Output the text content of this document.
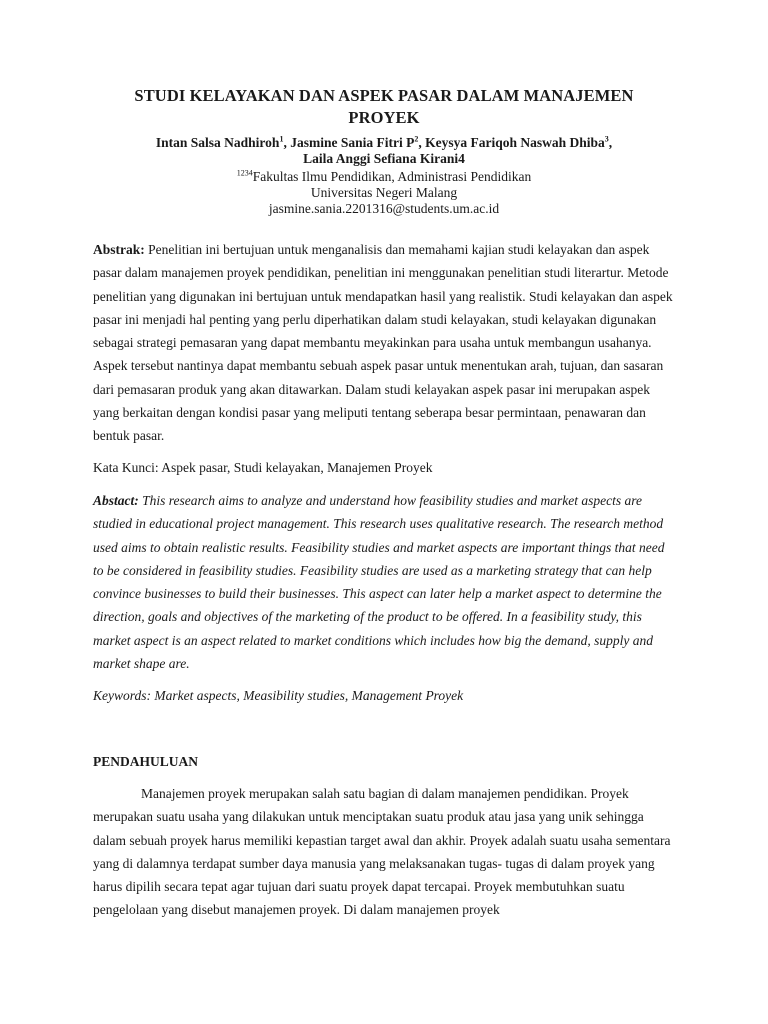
STUDI KELAYAKAN DAN ASPEK PASAR DALAM MANAJEMEN
PROYEK
Intan Salsa Nadhiroh$^1$, Jasmine Sania Fitri $P^2$, Keysya Fariqoh Naswah Dhiba$^3$,
Laila Anggi Sefiana Kirani4
$^{1234}$Fakultas Ilmu Pendidikan, Administrasi Pendidikan
Universitas Negeri Malang
jasmine.sania.2201316@students.um.ac.id

Abstrak: Penelitian ini bertujuan untuk menganalisis dan memahami kajian studi kelayakan dan aspek pasar dalam manajemen proyek pendidikan, penelitian ini menggunakan penelitian studi literartur. Metode penelitian yang digunakan ini bertujuan untuk mendapatkan hasil yang realistik. Studi kelayakan dan aspek pasar ini menjadi hal penting yang perlu diperhatikan dalam studi kelayakan, studi kelayakan digunakan sebagai strategi pemasaran yang dapat membantu meyakinkan para usaha untuk membangun usahanya. Aspek tersebut nantinya dapat membantu sebuah aspek pasar untuk menentukan arah, tujuan, dan sasaran dari pemasaran produk yang akan ditawarkan. Dalam studi kelayakan aspek pasar ini merupakan aspek yang berkaitan dengan kondisi pasar yang meliputi tentang seberapa besar permintaan, penawaran dan bentuk pasar.

Kata Kunci: Aspek pasar, Studi kelayakan, Manajemen Proyek

Abstact: This research aims to analyze and understand how feasibility studies and market aspects are studied in educational project management. This research uses qualitative research. The research method used aims to obtain realistic results. Feasibility studies and market aspects are important things that need to be considered in feasibility studies. Feasibility studies are used as a marketing strategy that can help convince businesses to build their businesses. This aspect can later help a market aspect to determine the direction, goals and objectives of the marketing of the product to be offered. In a feasibility study, this market aspect is an aspect related to market conditions which includes how big the demand, supply and market shape are.

Keywords: Market aspects, Measibility studies, Management Proyek

PENDAHULUAN

Manajemen proyek merupakan salah satu bagian di dalam manajemen pendidikan. Proyek merupakan suatu usaha yang dilakukan untuk menciptakan suatu produk atau jasa yang unik sehingga dalam sebuah proyek harus memiliki kepastian target awal dan akhir. Proyek adalah suatu usaha sementara yang di dalamnya terdapat sumber daya manusia yang melaksanakan tugas- tugas di dalam proyek yang harus dipilih secara tepat agar tujuan dari suatu proyek dapat tercapai. Proyek membutuhkan suatu pengelolaan yang disebut manajemen proyek. Di dalam manajemen proyek
